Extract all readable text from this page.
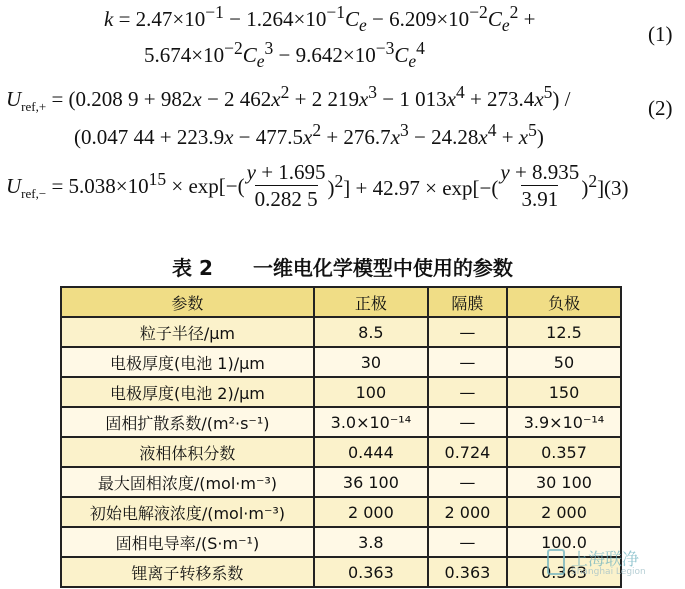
$k = 2.47\times 10^{-1} - 1.264\times 10^{-1}C_e - 6.209\times 10^{-2}C_e^2$ +
$5.674\times 10^{-2}C_e^3 - 9.642\times 10^{-3}C_e^4$
(1)
$U_{ref,+} = (0.208$ 9 + 982x − 2 $462x^2 + 2$ $219x^3 - 1$ $013x^4 + 273.4x^5$) /	(2)
(0.047 $44 + 223.9x - 477.5x^2 + 276.7x^3 - 24.28x^4 + x^5$)
$U_{ref,-} = 5.038\times 10^{15} \times \exp[-$(
y + 1.695
0.282 5 )$^2$] + 42.97 × exp[−(
y + 8.935
3.91 )$^2$](3)
表 2 一维电化学模型中使用的参数
参数	正极	隔膜	负极
粒子半径/μm	8.5	—	12.5
电极厚度(电池 1)/μm	30	—	50
电极厚度(电池 2)/μm	100	—	150
固相扩散系数/(m²·s⁻¹)	3.0×10⁻¹⁴	—	3.9×10⁻¹⁴
液相体积分数	0.444	0.724	0.357
最大固相浓度/(mol·m⁻³)	36 100	—	30 100
初始电解液浓度/(mol·m⁻³)	2 000	2 000	2 000
固相电导率/(S·m⁻¹)	3.8	—	100.0
锂离子转移系数	0.363	0.363	0.363
上海联净
Shanghai Legion
